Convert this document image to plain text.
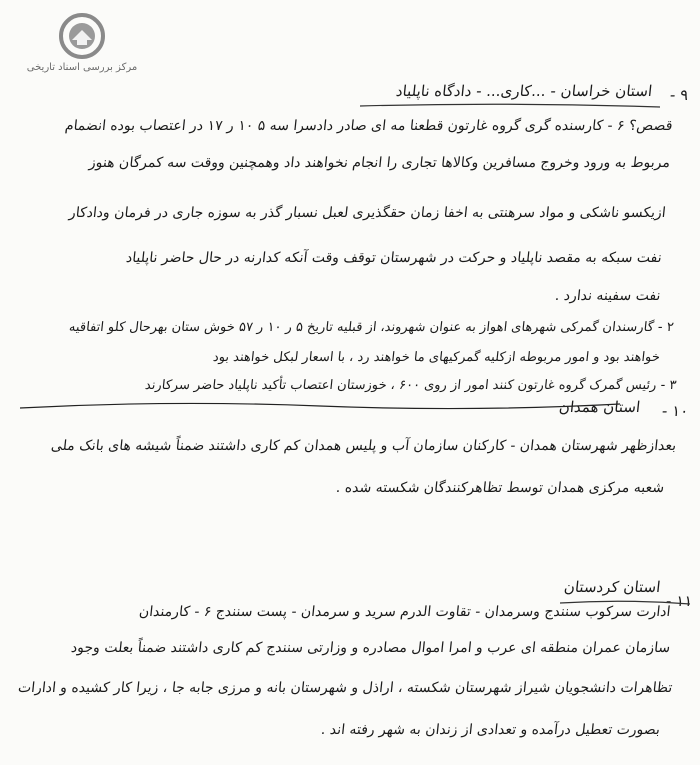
مرکز بررسی اسناد تاریخی
۹ -
استان خراسان - ...کاری... - دادگاه ناپلیاد
قصص؟ ۶ - کارسنده گری گروه غارتون قطعنا مه ای صادر دادسرا سه ۵ ۱۰ ر ۱۷ در اعتصاب بوده انضمام
مربوط به ورود وخروج مسافرین وکالاها تجاری را انجام نخواهند داد وهمچنین ووقت سه کمرگان هنوز
ازیکسو ناشکی و مواد سرهنتی به اخفا زمان حقگذیری لعبل نسبار گذر به سوزه جاری در فرمان ودادکار
نفت سبکه به مقصد ناپلیاد و حرکت در شهرستان توقف وقت آنکه کدارنه در حال حاضر ناپلیاد
نفت سفینه ندارد .
۲ - گارسندان گمرکی شهرهای اهواز به عنوان شهروند، از قبلیه تاریخ ۵ ر ۱۰ ر ۵۷ خوش ستان بهرحال کلو اتفاقیه
خواهند بود و امور مربوطه ازکلیه گمرکیهای ما خواهند رد ، با اسعار لبکل خواهند بود
۳ - رئیس گمرک گروه غارتون کنند امور از روی ۶۰۰ ، خوزستان اعتصاب تأکید ناپلیاد حاضر سرکارند
۱۰ -
استان همدان
بعدازظهر شهرستان همدان - کارکنان سازمان آب و پلیس همدان کم کاری داشتند ضمناً شیشه های بانک ملی
شعبه مرکزی همدان توسط تظاهرکنندگان شکسته شده .
۱۱ -
استان کردستان
ادارت سرکوب سنندج وسرمدان - تقاوت الدرم سرید و سرمدان - پست سنندج ۶ - کارمندان
سازمان عمران منطقه ای عرب و امرا اموال مصادره و وزارتی سنندج کم کاری داشتند ضمناً بعلت وجود
تظاهرات دانشجویان شیراز شهرستان شکسته ، اراذل و شهرستان بانه و مرزی جابه جا ، زیرا کار کشیده و ادارات
بصورت تعطیل درآمده و تعدادی از زندان به شهر رفته اند .
